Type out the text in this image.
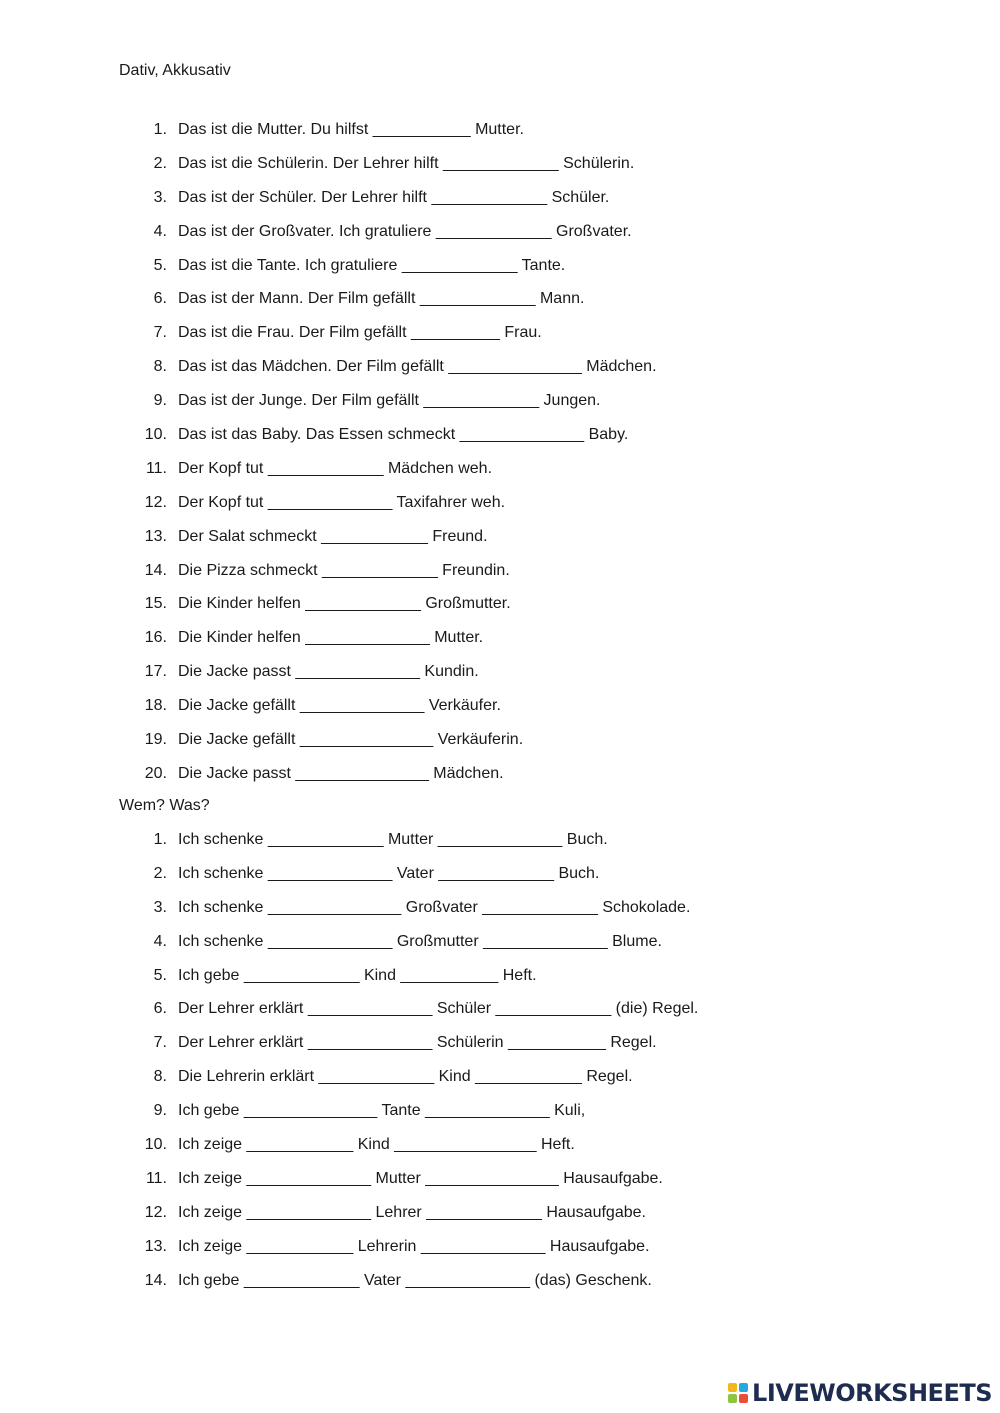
Dativ, Akkusativ
1. Das ist die Mutter. Du hilfst ___________ Mutter.
2. Das ist die Schülerin. Der Lehrer hilft _____________ Schülerin.
3. Das ist der Schüler. Der Lehrer hilft _____________ Schüler.
4. Das ist der Großvater. Ich gratuliere _____________ Großvater.
5. Das ist die Tante. Ich gratuliere _____________ Tante.
6. Das ist der Mann. Der Film gefällt _____________ Mann.
7. Das ist die Frau. Der Film gefällt __________ Frau.
8. Das ist das Mädchen. Der Film gefällt _______________ Mädchen.
9. Das ist der Junge. Der Film gefällt _____________ Jungen.
10. Das ist das Baby. Das Essen schmeckt ______________ Baby.
11. Der Kopf tut _____________ Mädchen weh.
12. Der Kopf tut ______________ Taxifahrer weh.
13. Der Salat schmeckt ____________ Freund.
14. Die Pizza schmeckt _____________ Freundin.
15. Die Kinder helfen _____________ Großmutter.
16. Die Kinder helfen ______________ Mutter.
17. Die Jacke passt ______________ Kundin.
18. Die Jacke gefällt ______________ Verkäufer.
19. Die Jacke gefällt _______________ Verkäuferin.
20. Die Jacke passt _______________ Mädchen.
Wem? Was?
1. Ich schenke _____________ Mutter ______________ Buch.
2. Ich schenke ______________ Vater _____________ Buch.
3. Ich schenke _______________ Großvater _____________ Schokolade.
4. Ich schenke ______________ Großmutter ______________ Blume.
5. Ich gebe _____________ Kind ___________ Heft.
6. Der Lehrer erklärt ______________ Schüler _____________ (die) Regel.
7. Der Lehrer erklärt ______________ Schülerin ___________ Regel.
8. Die Lehrerin erklärt _____________ Kind ____________ Regel.
9. Ich gebe _______________ Tante ______________ Kuli,
10. Ich zeige ____________ Kind ________________ Heft.
11. Ich zeige ______________ Mutter _______________ Hausaufgabe.
12. Ich zeige ______________ Lehrer _____________ Hausaufgabe.
13. Ich zeige ____________ Lehrerin ______________ Hausaufgabe.
14. Ich gebe _____________ Vater ______________ (das) Geschenk.
LIVEWORKSHEETS
